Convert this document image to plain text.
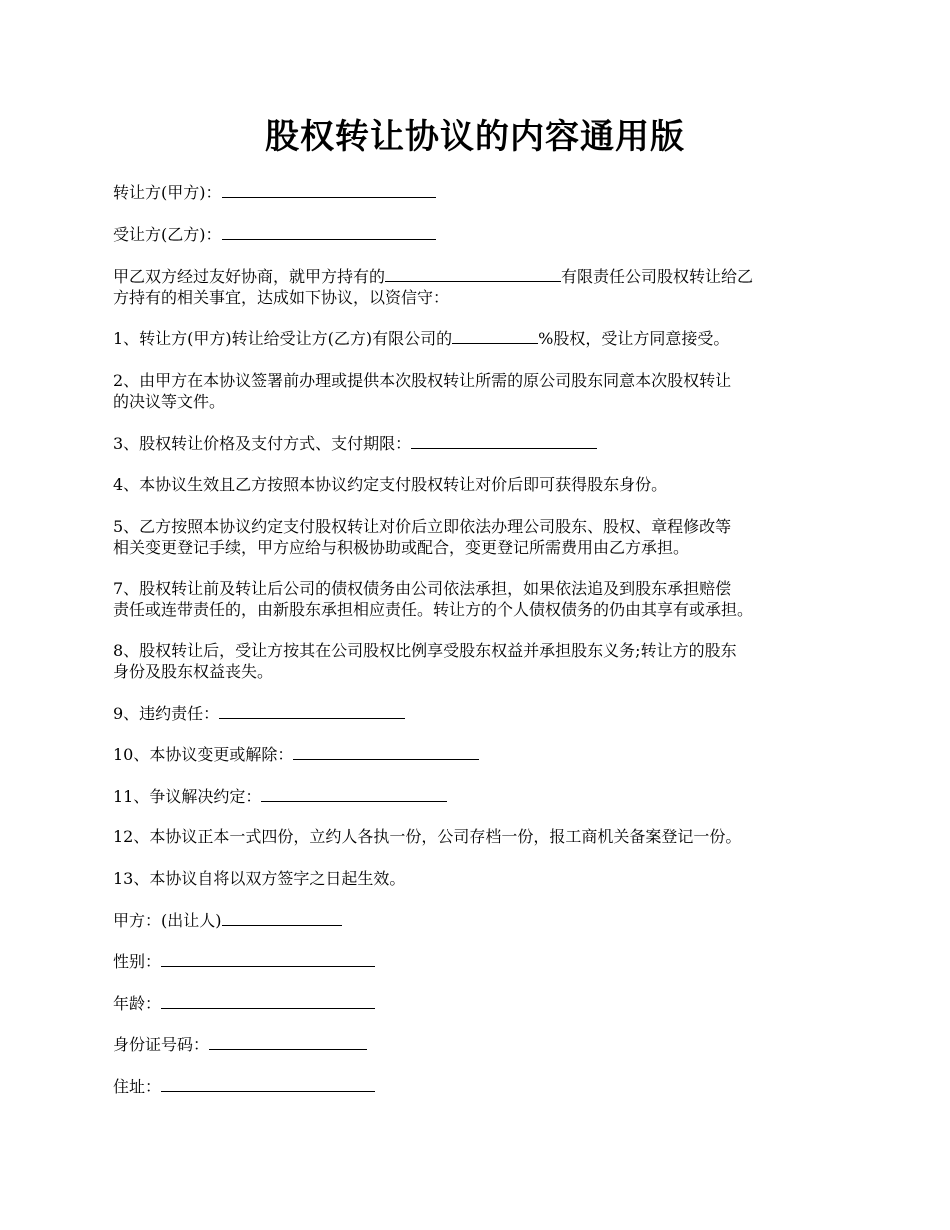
股权转让协议的内容通用版
转让方(甲方)：
受让方(乙方)：
甲乙双方经过友好协商，就甲方持有的	有限责任公司股权转让给乙
方持有的相关事宜，达成如下协议，以资信守：
1、转让方(甲方)转让给受让方(乙方)有限公司的	%股权，受让方同意接受。
2、由甲方在本协议签署前办理或提供本次股权转让所需的原公司股东同意本次股权转让
的决议等文件。
3、股权转让价格及支付方式、支付期限：
4、本协议生效且乙方按照本协议约定支付股权转让对价后即可获得股东身份。
5、乙方按照本协议约定支付股权转让对价后立即依法办理公司股东、股权、章程修改等
相关变更登记手续，甲方应给与积极协助或配合，变更登记所需费用由乙方承担。
7、股权转让前及转让后公司的债权债务由公司依法承担，如果依法追及到股东承担赔偿
责任或连带责任的，由新股东承担相应责任。转让方的个人债权债务的仍由其享有或承担。
8、股权转让后，受让方按其在公司股权比例享受股东权益并承担股东义务;转让方的股东
身份及股东权益丧失。
9、违约责任：
10、本协议变更或解除：
11、争议解决约定：
12、本协议正本一式四份，立约人各执一份，公司存档一份，报工商机关备案登记一份。
13、本协议自将以双方签字之日起生效。
甲方：(出让人)
性别：
年龄：
身份证号码：
住址：
